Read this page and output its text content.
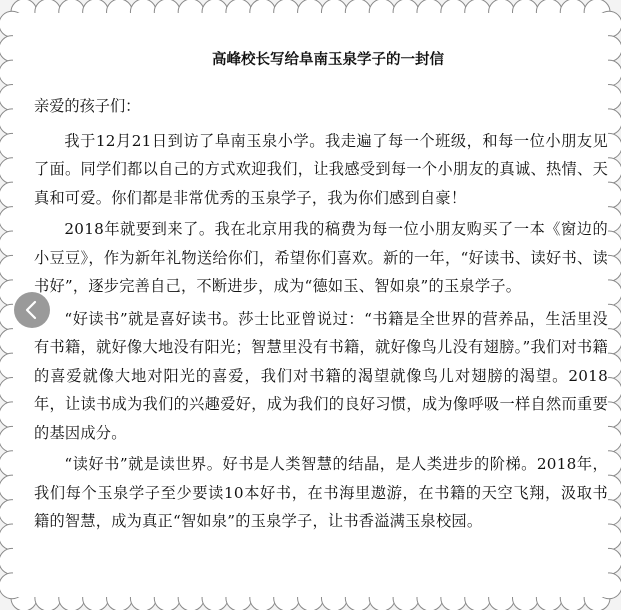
高峰校长写给阜南玉泉学子的一封信
亲爱的孩子们：

我于12月21日到访了阜南玉泉小学。我走遍了每一个班级，和每一位小朋友见了面。同学们都以自己的方式欢迎我们，让我感受到每一个小朋友的真诚、热情、天真和可爱。你们都是非常优秀的玉泉学子，我为你们感到自豪！

2018年就要到来了。我在北京用我的稿费为每一位小朋友购买了一本《窗边的小豆豆》，作为新年礼物送给你们，希望你们喜欢。新的一年，“好读书、读好书、读书好”，逐步完善自己，不断进步，成为“德如玉、智如泉”的玉泉学子。

“好读书”就是喜好读书。莎士比亚曾说过：“书籍是全世界的营养品，生活里没有书籍，就好像大地没有阳光；智慧里没有书籍，就好像鸟儿没有翅膀。”我们对书籍的喜爱就像大地对阳光的喜爱，我们对书籍的渴望就像鸟儿对翅膀的渴望。2018年，让读书成为我们的兴趣爱好，成为我们的良好习惯，成为像呼吸一样自然而重要的基因成分。

“读好书”就是读世界。好书是人类智慧的结晶，是人类进步的阶梯。2018年，我们每个玉泉学子至少要读10本好书，在书海里遨游，在书籍的天空飞翔，汲取书籍的智慧，成为真正“智如泉”的玉泉学子，让书香溢满玉泉校园。
